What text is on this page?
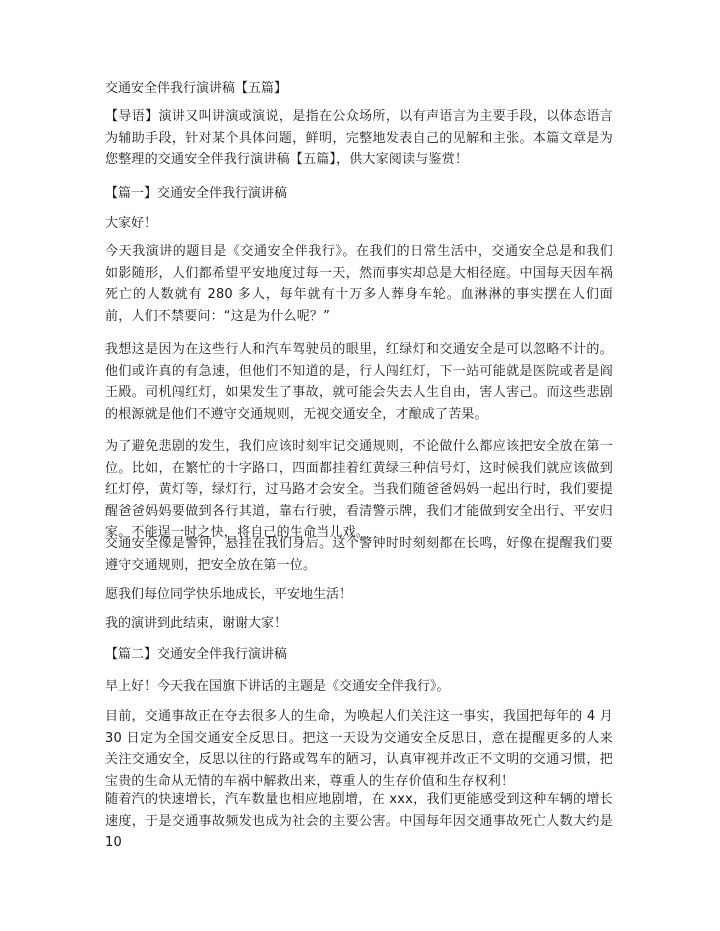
交通安全伴我行演讲稿【五篇】

【导语】演讲又叫讲演或演说，是指在公众场所，以有声语言为主要手段，以体态语言为辅助手段，针对某个具体问题，鲜明，完整地发表自己的见解和主张。本篇文章是为您整理的交通安全伴我行演讲稿【五篇】，供大家阅读与鉴赏！

【篇一】交通安全伴我行演讲稿
大家好！

今天我演讲的题目是《交通安全伴我行》。在我们的日常生活中，交通安全总是和我们如影随形，人们都希望平安地度过每一天，然而事实却总是大相径庭。中国每天因车祸死亡的人数就有 280 多人，每年就有十万多人葬身车轮。血淋淋的事实摆在人们面前，人们不禁要问：“这是为什么呢？”

我想这是因为在这些行人和汽车驾驶员的眼里，红绿灯和交通安全是可以忽略不计的。他们或许真的有急速，但他们不知道的是，行人闯红灯，下一站可能就是医院或者是阎王殿。司机闯红灯，如果发生了事故，就可能会失去人生自由，害人害己。而这些悲剧的根源就是他们不遵守交通规则，无视交通安全，才酿成了苦果。

为了避免悲剧的发生，我们应该时刻牢记交通规则，不论做什么都应该把安全放在第一位。比如，在繁忙的十字路口，四面都挂着红黄绿三种信号灯，这时候我们就应该做到红灯停，黄灯等，绿灯行，过马路才会安全。当我们随爸爸妈妈一起出行时，我们要提醒爸爸妈妈要做到各行其道，靠右行驶，看清警示牌，我们才能做到安全出行、平安归家。不能逞一时之快，将自己的生命当儿戏。

交通安全像是警钟，悬挂在我们身后。这个警钟时时刻刻都在长鸣，好像在提醒我们要遵守交通规则，把安全放在第一位。

愿我们每位同学快乐地成长，平安地生活！
我的演讲到此结束，谢谢大家！
【篇二】交通安全伴我行演讲稿
早上好！今天我在国旗下讲话的主题是《交通安全伴我行》。

目前，交通事故正在夺去很多人的生命，为唤起人们关注这一事实，我国把每年的 4 月 30 日定为全国交通安全反思日。把这一天设为交通安全反思日，意在提醒更多的人来关注交通安全，反思以往的行路或驾车的陋习，认真审视并改正不文明的交通习惯，把宝贵的生命从无情的车祸中解救出来，尊重人的生存价值和生存权利！

随着汽的快速增长，汽车数量也相应地剧增，在 xxx，我们更能感受到这种车辆的增长速度，于是交通事故频发也成为社会的主要公害。中国每年因交通事故死亡人数大约是 10
